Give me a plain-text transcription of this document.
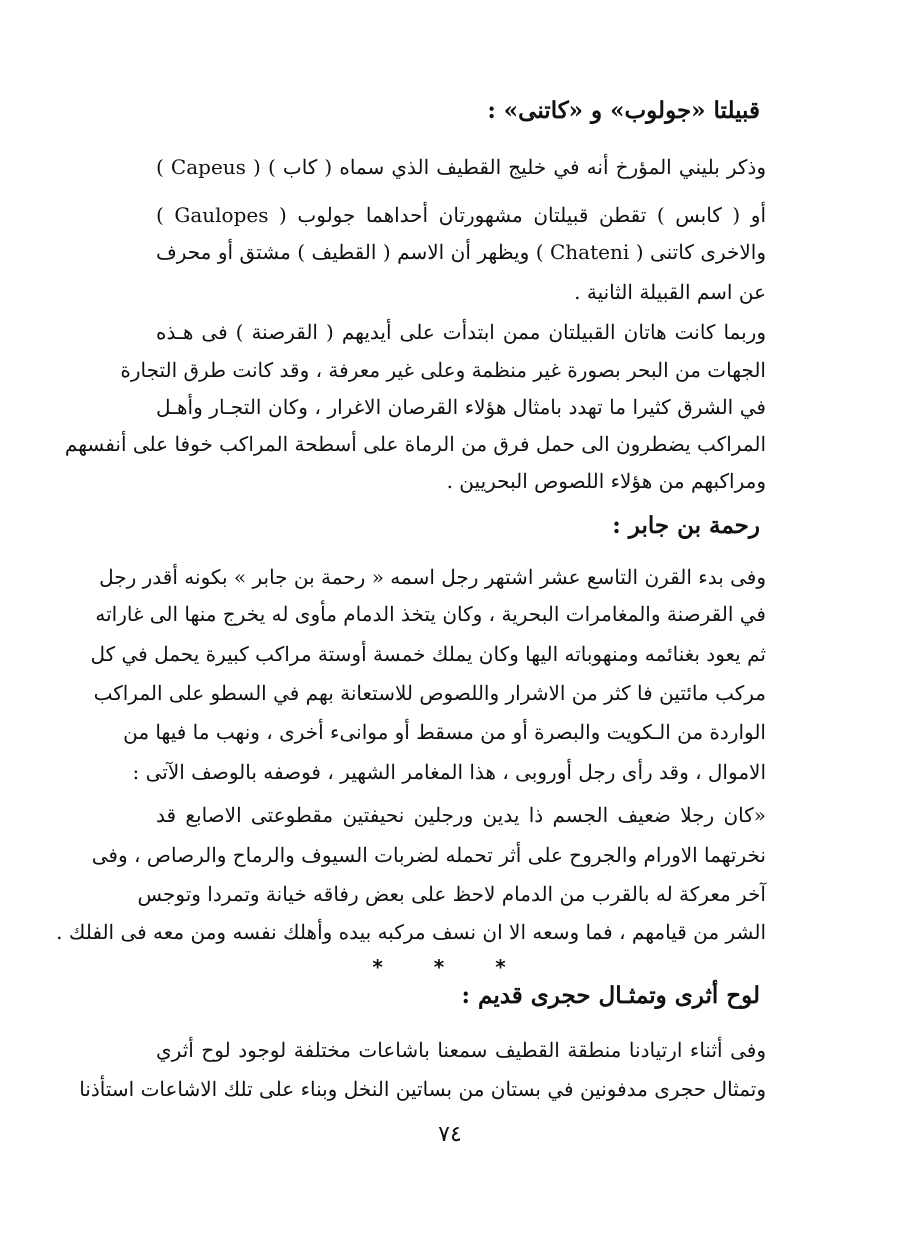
قبيلتا «جولوب» و «كاتنى» :
وذكر بليني المؤرخ أنه في خليج القطيف الذي سماه ( كاب ) ( Capeus )
أو ( كابس ) تقطن قبيلتان مشهورتان أحداهما جولوب ( Gaulopes )
والاخرى كاتنى ( Chateni ) ويظهر أن الاسم ( القطيف ) مشتق أو محرف
عن اسم القبيلة الثانية .
وربما كانت هاتان القبيلتان ممن ابتدأت على أيديهم ( القرصنة ) فى هـذه
الجهات من البحر بصورة غير منظمة وعلى غير معرفة ، وقد كانت طرق التجارة
في الشرق كثيرا ما تهدد بامثال هؤلاء القرصان الاغرار ، وكان التجـار وأهـل
المراكب يضطرون الى حمل فرق من الرماة على أسطحة المراكب خوفا على أنفسهم
ومراكبهم من هؤلاء اللصوص البحريين .
رحمة بن جابر :
وفى بدء القرن التاسع عشر اشتهر رجل اسمه « رحمة بن جابر » بكونه أقدر رجل
في القرصنة والمغامرات البحرية ، وكان يتخذ الدمام مأوى له يخرج منها الى غاراته
ثم يعود بغنائمه ومنهوباته اليها وكان يملك خمسة أوستة مراكب كبيرة يحمل في كل
مركب مائتين فا كثر من الاشرار واللصوص للاستعانة بهم في السطو على المراكب
الواردة من الـكويت والبصرة أو من مسقط أو موانىء أخرى ، ونهب ما فيها من
الاموال ، وقد رأى رجل أوروبى ، هذا المغامر الشهير ، فوصفه بالوصف الآتى :
«كان رجلا ضعيف الجسم ذا يدين ورجلين نحيفتين مقطوعتى الاصابع قد
نخرتهما الاورام والجروح على أثر تحمله لضربات السيوف والرماح والرصاص ، وفى
آخر معركة له بالقرب من الدمام لاحظ على بعض رفاقه خيانة وتمردا وتوجس
الشر من قيامهم ، فما وسعه الا ان نسف مركبه بيده وأهلك نفسه ومن معه فى الفلك .
* * *
لوح أثرى وتمثـال حجرى قديم :
وفى أثناء ارتيادنا منطقة القطيف سمعنا باشاعات مختلفة لوجود لوح أثري
وتمثال حجرى مدفونين في بستان من بساتين النخل وبناء على تلك الاشاعات استأذنا
٧٤
